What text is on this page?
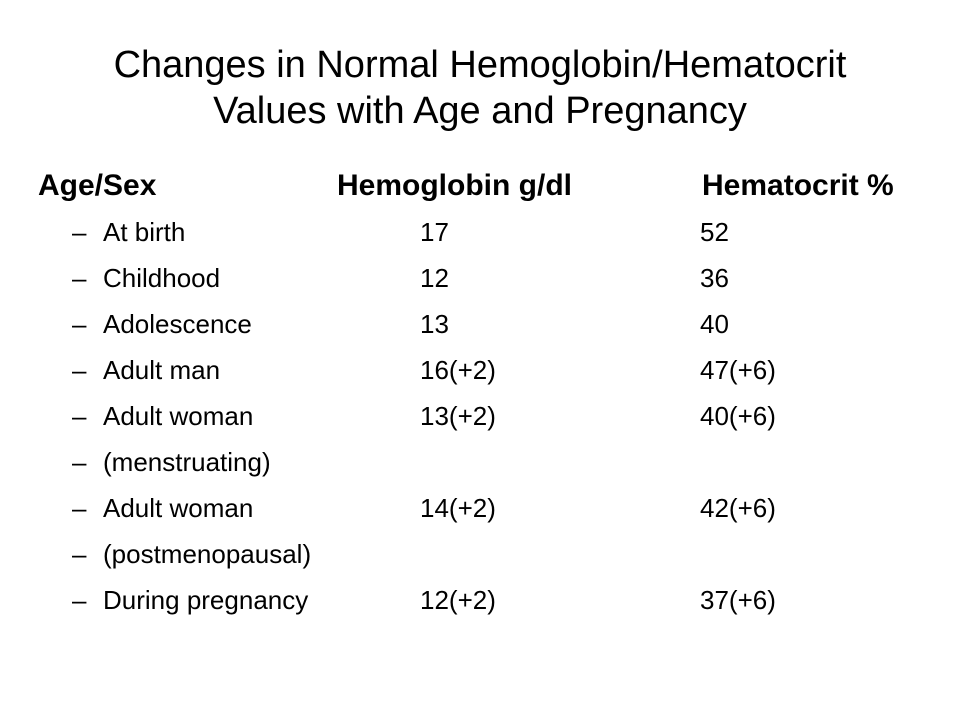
Changes in Normal Hemoglobin/Hematocrit
Values with Age and Pregnancy
Age/Sex	Hemoglobin g/dl	Hematocrit %
– At birth	17	52
– Childhood	12	36
– Adolescence	13	40
– Adult man	16(+2)	47(+6)
– Adult woman	13(+2)	40(+6)
– (menstruating)
– Adult woman	14(+2)	42(+6)
– (postmenopausal)
– During pregnancy	12(+2)	37(+6)
